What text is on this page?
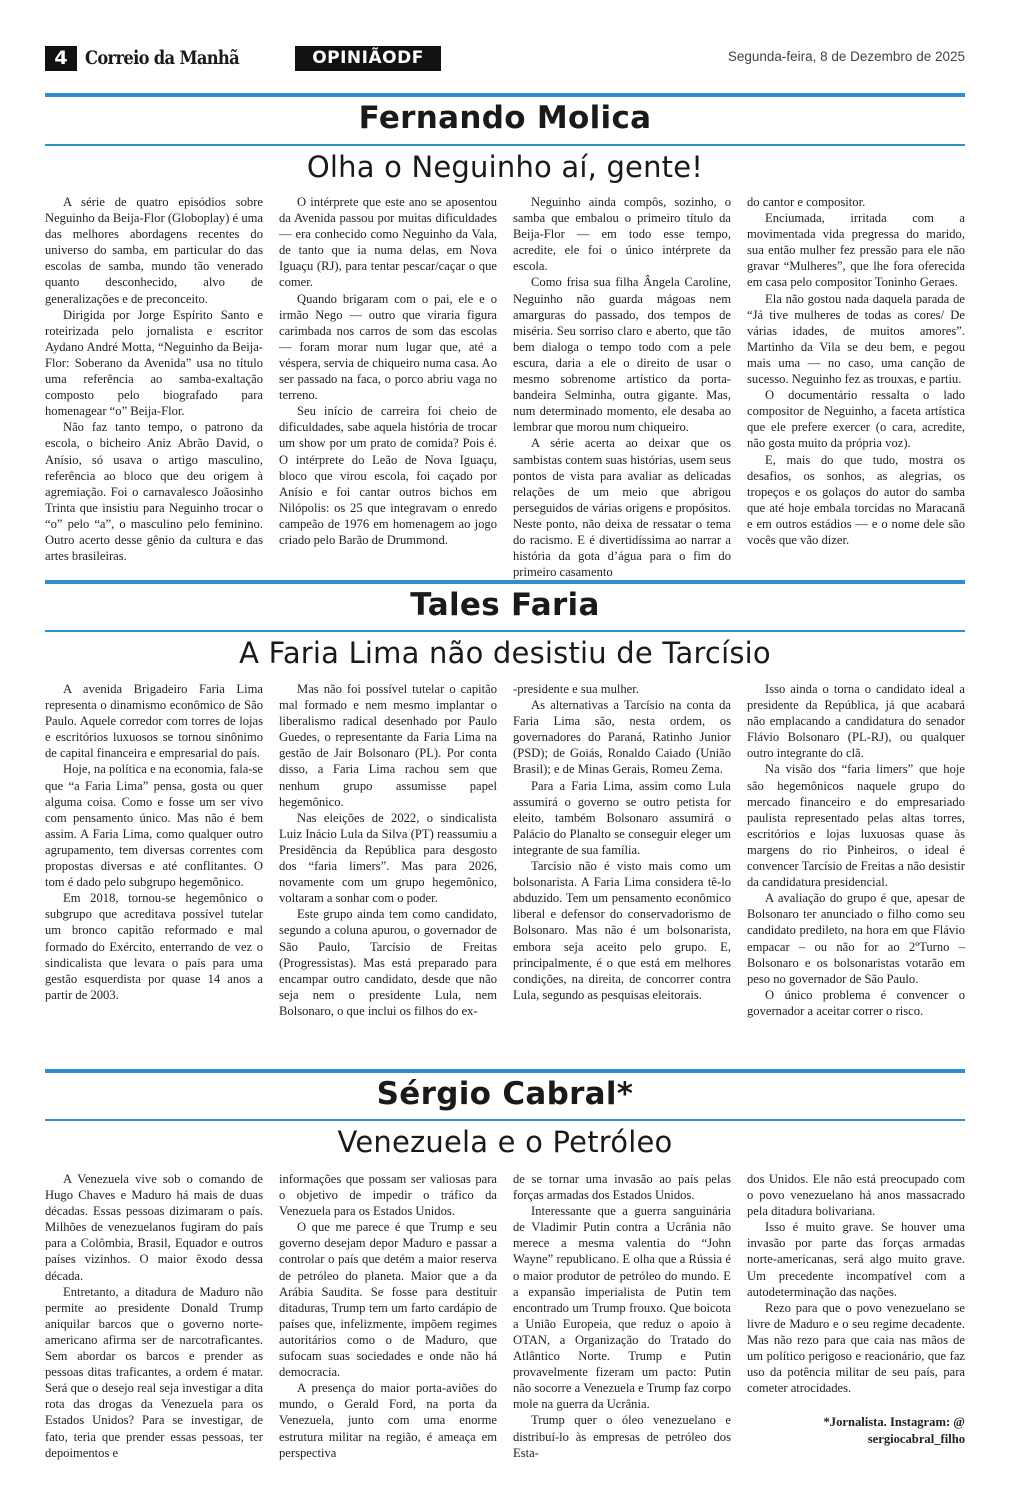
4 Correio da Manhã	OPINIÃODF	Segunda-feira, 8 de Dezembro de 2025
Fernando Molica
Olha o Neguinho aí, gente!

A série de quatro episódios sobre Neguinho da Beija-Flor (Globoplay) é uma das melhores abordagens recentes do universo do samba, em particular do das escolas de samba, mundo tão venerado quanto desconhecido, alvo de generalizações e de preconceito.

Dirigida por Jorge Espírito Santo e roteirizada pelo jornalista e escritor Aydano André Motta, “Neguinho da Beija-Flor: Soberano da Avenida” usa no título uma referência ao samba-exaltação composto pelo biografado para homenagear “o” Beija-Flor.

Não faz tanto tempo, o patrono da escola, o bicheiro Aniz Abrão David, o Anísio, só usava o artigo masculino, referência ao bloco que deu origem à agremiação. Foi o carnavalesco Joãosinho Trinta que insistiu para Neguinho trocar o “o” pelo “a”, o masculino pelo feminino. Outro acerto desse gênio da cultura e das artes brasileiras.

O intérprete que este ano se aposentou da Avenida passou por muitas dificuldades — era conhecido como Neguinho da Vala, de tanto que ia numa delas, em Nova Iguaçu (RJ), para tentar pescar/caçar o que comer.

Quando brigaram com o pai, ele e o irmão Nego — outro que viraria figura carimbada nos carros de som das escolas — foram morar num lugar que, até a véspera, servia de chiqueiro numa casa. Ao ser passado na faca, o porco abriu vaga no terreno.

Seu início de carreira foi cheio de dificuldades, sabe aquela história de trocar um show por um prato de comida? Pois é. O intérprete do Leão de Nova Iguaçu, bloco que virou escola, foi caçado por Anísio e foi cantar outros bichos em Nilópolis: os 25 que integravam o enredo campeão de 1976 em homenagem ao jogo criado pelo Barão de Drummond.

Neguinho ainda compôs, sozinho, o samba que embalou o primeiro título da Beija-Flor — em todo esse tempo, acredite, ele foi o único intérprete da escola.

Como frisa sua filha Ângela Caroline, Neguinho não guarda mágoas nem amarguras do passado, dos tempos de miséria. Seu sorriso claro e aberto, que tão bem dialoga o tempo todo com a pele escura, daria a ele o direito de usar o mesmo sobrenome artístico da porta-bandeira Selminha, outra gigante. Mas, num determinado momento, ele desaba ao lembrar que morou num chiqueiro.

A série acerta ao deixar que os sambistas contem suas histórias, usem seus pontos de vista para avaliar as delicadas relações de um meio que abrigou perseguidos de várias origens e propósitos. Neste ponto, não deixa de ressatar o tema do racismo. E é divertidíssima ao narrar a história da gota d’água para o fim do primeiro casamento

do cantor e compositor.

Enciumada, irritada com a movimentada vida pregressa do marido, sua então mulher fez pressão para ele não gravar “Mulheres”, que lhe fora oferecida em casa pelo compositor Toninho Geraes.

Ela não gostou nada daquela parada de “Já tive mulheres de todas as cores/ De várias idades, de muitos amores”. Martinho da Vila se deu bem, e pegou mais uma — no caso, uma canção de sucesso. Neguinho fez as trouxas, e partiu.

O documentário ressalta o lado compositor de Neguinho, a faceta artística que ele prefere exercer (o cara, acredite, não gosta muito da própria voz).

E, mais do que tudo, mostra os desafios, os sonhos, as alegrias, os tropeços e os golaços do autor do samba que até hoje embala torcidas no Maracanã e em outros estádios — e o nome dele são vocês que vão dizer.

Tales Faria
A Faria Lima não desistiu de Tarcísio

A avenida Brigadeiro Faria Lima representa o dinamismo econômico de São Paulo. Aquele corredor com torres de lojas e escritórios luxuosos se tornou sinônimo de capital financeira e empresarial do país.

Hoje, na política e na economia, fala-se que “a Faria Lima” pensa, gosta ou quer alguma coisa. Como e fosse um ser vivo com pensamento único. Mas não é bem assim. A Faria Lima, como qualquer outro agrupamento, tem diversas correntes com propostas diversas e até conflitantes. O tom é dado pelo subgrupo hegemônico.

Em 2018, tornou-se hegemônico o subgrupo que acreditava possível tutelar um bronco capitão reformado e mal formado do Exército, enterrando de vez o sindicalista que levara o país para uma gestão esquerdista por quase 14 anos a partir de 2003.

Mas não foi possível tutelar o capitão mal formado e nem mesmo implantar o liberalismo radical desenhado por Paulo Guedes, o representante da Faria Lima na gestão de Jair Bolsonaro (PL). Por conta disso, a Faria Lima rachou sem que nenhum grupo assumisse papel hegemônico.

Nas eleições de 2022, o sindicalista Luiz Inácio Lula da Silva (PT) reassumiu a Presidência da República para desgosto dos “faria limers”. Mas para 2026, novamente com um grupo hegemônico, voltaram a sonhar com o poder.

Este grupo ainda tem como candidato, segundo a coluna apurou, o governador de São Paulo, Tarcísio de Freitas (Progressistas). Mas está preparado para encampar outro candidato, desde que não seja nem o presidente Lula, nem Bolsonaro, o que inclui os filhos do ex-

-presidente e sua mulher.

As alternativas a Tarcísio na conta da Faria Lima são, nesta ordem, os governadores do Paraná, Ratinho Junior (PSD); de Goiás, Ronaldo Caiado (União Brasil); e de Minas Gerais, Romeu Zema.

Para a Faria Lima, assim como Lula assumirá o governo se outro petista for eleito, também Bolsonaro assumirá o Palácio do Planalto se conseguir eleger um integrante de sua família.

Tarcísio não é visto mais como um bolsonarista. A Faria Lima considera tê-lo abduzido. Tem um pensamento econômico liberal e defensor do conservadorismo de Bolsonaro. Mas não é um bolsonarista, embora seja aceito pelo grupo. E, principalmente, é o que está em melhores condições, na direita, de concorrer contra Lula, segundo as pesquisas eleitorais.

Isso ainda o torna o candidato ideal a presidente da República, já que acabará não emplacando a candidatura do senador Flávio Bolsonaro (PL-RJ), ou qualquer outro integrante do clã.

Na visão dos “faria limers” que hoje são hegemônicos naquele grupo do mercado financeiro e do empresariado paulista representado pelas altas torres, escritórios e lojas luxuosas quase às margens do rio Pinheiros, o ideal é convencer Tarcísio de Freitas a não desistir da candidatura presidencial.

A avaliação do grupo é que, apesar de Bolsonaro ter anunciado o filho como seu candidato predileto, na hora em que Flávio empacar – ou não for ao 2ºTurno – Bolsonaro e os bolsonaristas votarão em peso no governador de São Paulo.

O único problema é convencer o governador a aceitar correr o risco.

Sérgio Cabral*
Venezuela e o Petróleo

A Venezuela vive sob o comando de Hugo Chaves e Maduro há mais de duas décadas. Essas pessoas dizimaram o país. Milhões de venezuelanos fugiram do país para a Colômbia, Brasil, Equador e outros países vizinhos. O maior êxodo dessa década.

Entretanto, a ditadura de Maduro não permite ao presidente Donald Trump aniquilar barcos que o governo norte-americano afirma ser de narcotraficantes. Sem abordar os barcos e prender as pessoas ditas traficantes, a ordem é matar. Será que o desejo real seja investigar a dita rota das drogas da Venezuela para os Estados Unidos? Para se investigar, de fato, teria que prender essas pessoas, ter depoimentos e

informações que possam ser valiosas para o objetivo de impedir o tráfico da Venezuela para os Estados Unidos.

O que me parece é que Trump e seu governo desejam depor Maduro e passar a controlar o país que detém a maior reserva de petróleo do planeta. Maior que a da Arábia Saudita. Se fosse para destituir ditaduras, Trump tem um farto cardápio de países que, infelizmente, impõem regimes autoritários como o de Maduro, que sufocam suas sociedades e onde não há democracia.

A presença do maior porta-aviões do mundo, o Gerald Ford, na porta da Venezuela, junto com uma enorme estrutura militar na região, é ameaça em perspectiva

de se tornar uma invasão ao país pelas forças armadas dos Estados Unidos.

Interessante que a guerra sanguinária de Vladimir Putin contra a Ucrânia não merece a mesma valentia do “John Wayne” republicano. E olha que a Rússia é o maior produtor de petróleo do mundo. E a expansão imperialista de Putin tem encontrado um Trump frouxo. Que boicota a União Europeia, que reduz o apoio à OTAN, a Organização do Tratado do Atlântico Norte. Trump e Putin provavelmente fizeram um pacto: Putin não socorre a Venezuela e Trump faz corpo mole na guerra da Ucrânia.

Trump quer o óleo venezuelano e distribuí-lo às empresas de petróleo dos Esta-

dos Unidos. Ele não está preocupado com o povo venezuelano há anos massacrado pela ditadura bolivariana.

Isso é muito grave. Se houver uma invasão por parte das forças armadas norte-americanas, será algo muito grave. Um precedente incompatível com a autodeterminação das nações.

Rezo para que o povo venezuelano se livre de Maduro e o seu regime decadente. Mas não rezo para que caia nas mãos de um político perigoso e reacionário, que faz uso da potência militar de seu país, para cometer atrocidades.

*Jornalista. Instagram: @ sergiocabral_filho
